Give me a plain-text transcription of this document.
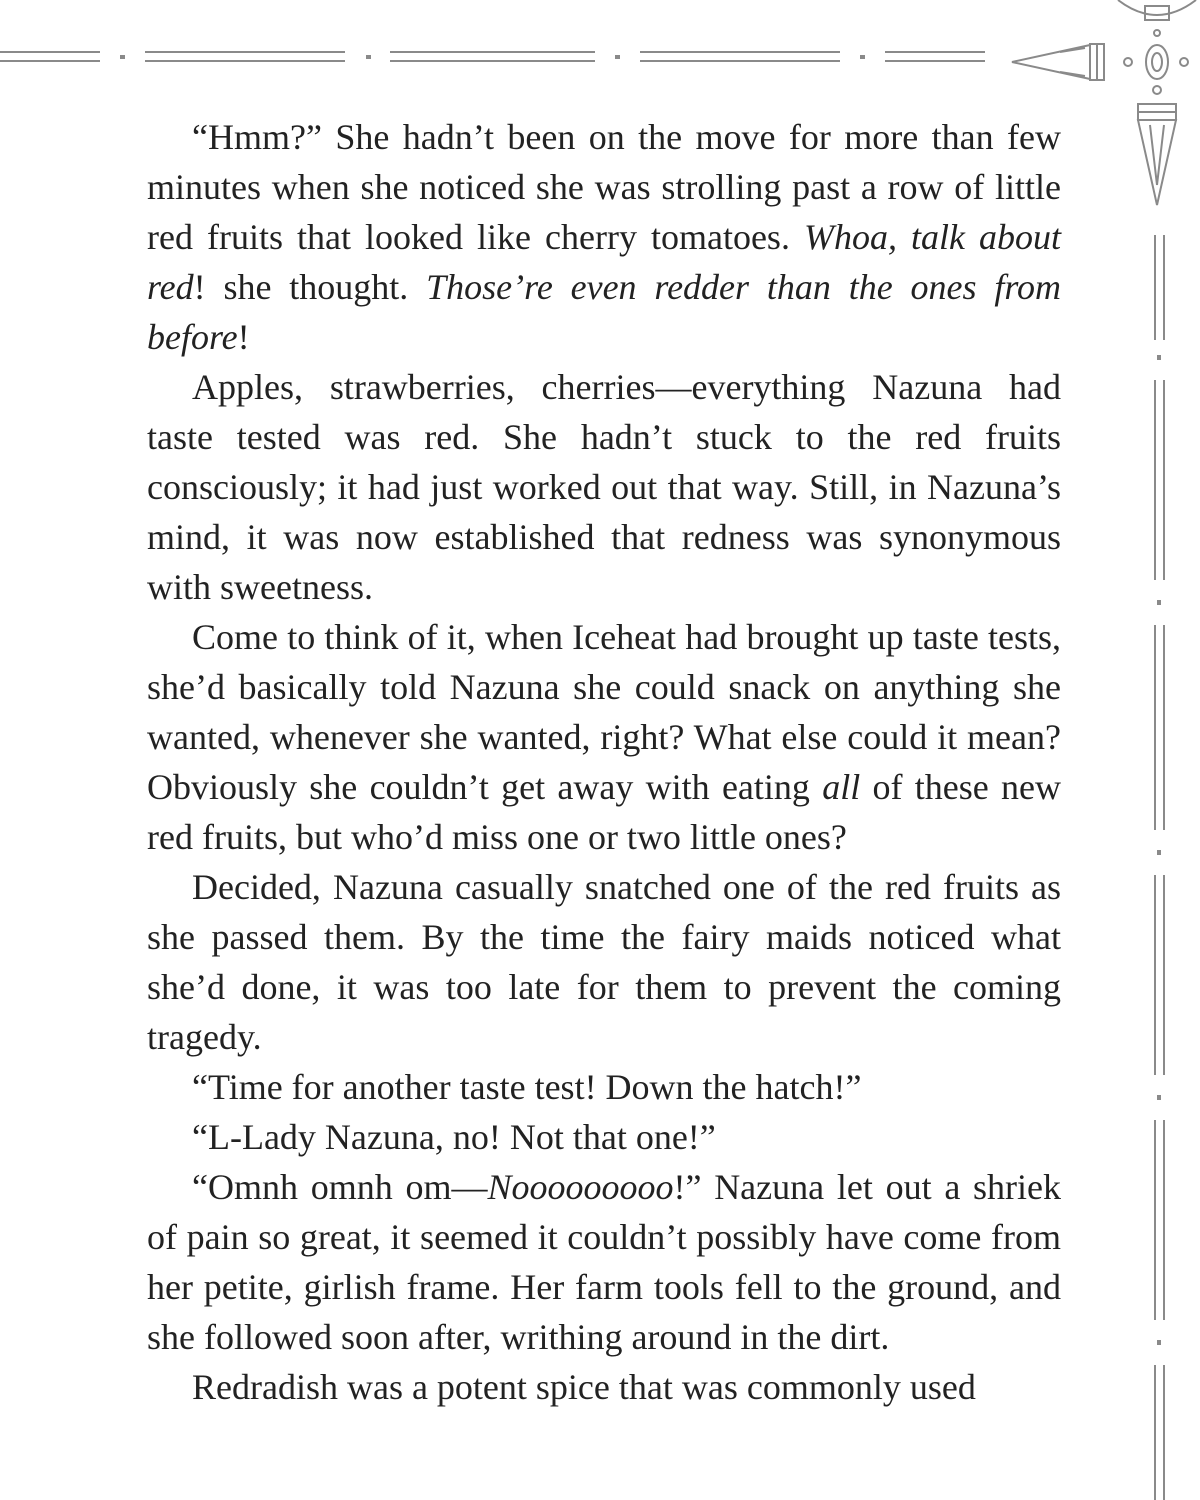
“Hmm?” She hadn’t been on the move for more than few minutes when she noticed she was strolling past a row of little red fruits that looked like cherry tomatoes. Whoa, talk about red! she thought. Those’re even redder than the ones from before!

Apples, strawberries, cherries—everything Nazuna had taste tested was red. She hadn’t stuck to the red fruits consciously; it had just worked out that way. Still, in Nazuna’s mind, it was now established that redness was synonymous with sweetness.

Come to think of it, when Iceheat had brought up taste tests, she’d basically told Nazuna she could snack on anything she wanted, whenever she wanted, right? What else could it mean? Obviously she couldn’t get away with eating all of these new red fruits, but who’d miss one or two little ones?

Decided, Nazuna casually snatched one of the red fruits as she passed them. By the time the fairy maids noticed what she’d done, it was too late for them to prevent the coming tragedy.

“Time for another taste test! Down the hatch!”

“L-Lady Nazuna, no! Not that one!”

“Omnh omnh om—Nooooooooo!” Nazuna let out a shriek of pain so great, it seemed it couldn’t possibly have come from her petite, girlish frame. Her farm tools fell to the ground, and she followed soon after, writhing around in the dirt.

Redradish was a potent spice that was commonly used
